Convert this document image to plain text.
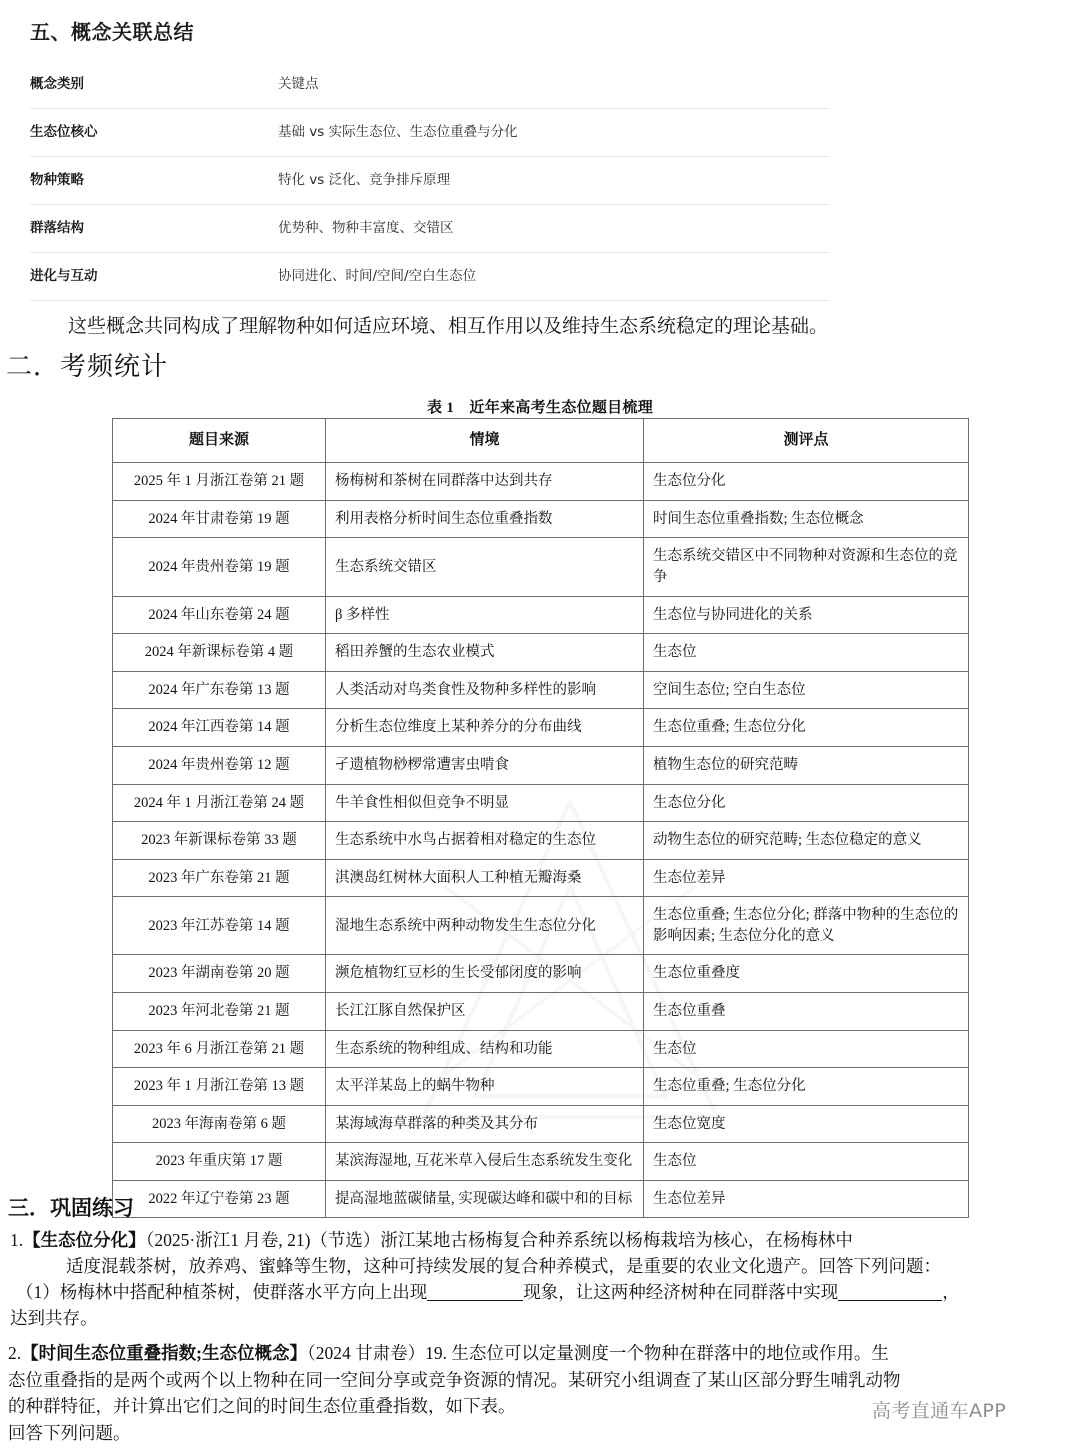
五、概念关联总结
概念类别	关键点
生态位核心	基础 vs 实际生态位、生态位重叠与分化
物种策略	特化 vs 泛化、竞争排斥原理
群落结构	优势种、物种丰富度、交错区
进化与互动	协同进化、时间/空间/空白生态位
这些概念共同构成了理解物种如何适应环境、相互作用以及维持生态系统稳定的理论基础。
二．考频统计
表 1　近年来高考生态位题目梳理
题目来源	情境	测评点
2025 年 1 月浙江卷第 21 题	杨梅树和茶树在同群落中达到共存	生态位分化
2024 年甘肃卷第 19 题	利用表格分析时间生态位重叠指数	时间生态位重叠指数; 生态位概念
2024 年贵州卷第 19 题	生态系统交错区	生态系统交错区中不同物种对资源和生态位的竞争
2024 年山东卷第 24 题	β 多样性	生态位与协同进化的关系
2024 年新课标卷第 4 题	稻田养蟹的生态农业模式	生态位
2024 年广东卷第 13 题	人类活动对鸟类食性及物种多样性的影响	空间生态位; 空白生态位
2024 年江西卷第 14 题	分析生态位维度上某种养分的分布曲线	生态位重叠; 生态位分化
2024 年贵州卷第 12 题	孑遗植物桫椤常遭害虫啃食	植物生态位的研究范畴
2024 年 1 月浙江卷第 24 题	牛羊食性相似但竞争不明显	生态位分化
2023 年新课标卷第 33 题	生态系统中水鸟占据着相对稳定的生态位	动物生态位的研究范畴; 生态位稳定的意义
2023 年广东卷第 21 题	淇澳岛红树林大面积人工种植无瓣海桑	生态位差异
2023 年江苏卷第 14 题	湿地生态系统中两种动物发生生态位分化	生态位重叠; 生态位分化; 群落中物种的生态位的影响因素; 生态位分化的意义
2023 年湖南卷第 20 题	濒危植物红豆杉的生长受郁闭度的影响	生态位重叠度
2023 年河北卷第 21 题	长江江豚自然保护区	生态位重叠
2023 年 6 月浙江卷第 21 题	生态系统的物种组成、结构和功能	生态位
2023 年 1 月浙江卷第 13 题	太平洋某岛上的蜗牛物种	生态位重叠; 生态位分化
2023 年海南卷第 6 题	某海域海草群落的种类及其分布	生态位宽度
2023 年重庆第 17 题	某滨海湿地, 互花米草入侵后生态系统发生变化	生态位
2022 年辽宁卷第 23 题	提高湿地蓝碳储量, 实现碳达峰和碳中和的目标	生态位差异
三．巩固练习
1.【生态位分化】（2025·浙江1 月卷, 21)（节选）浙江某地古杨梅复合种养系统以杨梅栽培为核心，在杨梅林中
适度混载茶树，放养鸡、蜜蜂等生物，这种可持续发展的复合种养模式，是重要的农业文化遗产。回答下列问题：
（1）杨梅林中搭配种植茶树，使群落水平方向上出现	现象，让这两种经济树种在同群落中实现	，
达到共存。
2.【时间生态位重叠指数;生态位概念】（2024 甘肃卷）19. 生态位可以定量测度一个物种在群落中的地位或作用。生
态位重叠指的是两个或两个以上物种在同一空间分享或竞争资源的情况。某研究小组调查了某山区部分野生哺乳动物
的种群特征，并计算出它们之间的时间生态位重叠指数，如下表。
回答下列问题。
高考直通车APP
